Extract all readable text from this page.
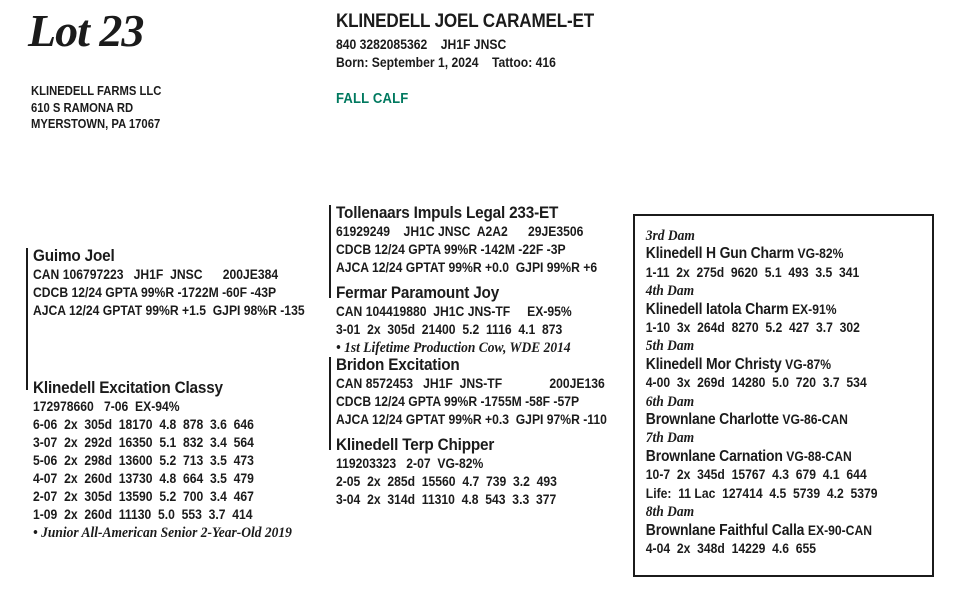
Lot 23
KLINEDELL FARMS LLC
610 S RAMONA RD
MYERSTOWN, PA 17067
KLINEDELL JOEL CARAMEL-ET
840 3282085362    JH1F JNSC
Born: September 1, 2024    Tattoo: 416
FALL CALF
Guimo Joel
CAN 106797223   JH1F  JNSC      200JE384
CDCB 12/24 GPTA 99%R -1722M -60F -43P
AJCA 12/24 GPTAT 99%R +1.5  GJPI 98%R -135
Klinedell Excitation Classy
172978660   7-06  EX-94%
6-06  2x  305d  18170  4.8  878  3.6  646
3-07  2x  292d  16350  5.1  832  3.4  564
5-06  2x  298d  13600  5.2  713  3.5  473
4-07  2x  260d  13730  4.8  664  3.5  479
2-07  2x  305d  13590  5.2  700  3.4  467
1-09  2x  260d  11130  5.0  553  3.7  414
• Junior All-American Senior 2-Year-Old 2019
Tollenaars Impuls Legal 233-ET
61929249    JH1C JNSC  A2A2      29JE3506
CDCB 12/24 GPTA 99%R -142M -22F -3P
AJCA 12/24 GPTAT 99%R +0.0  GJPI 99%R +6
Fermar Paramount Joy
CAN 104419880  JH1C JNS-TF     EX-95%
3-01  2x  305d  21400  5.2  1116  4.1  873
• 1st Lifetime Production Cow, WDE 2014
Bridon Excitation
CAN 8572453   JH1F  JNS-TF              200JE136
CDCB 12/24 GPTA 99%R -1755M -58F -57P
AJCA 12/24 GPTAT 99%R +0.3  GJPI 97%R -110
Klinedell Terp Chipper
119203323   2-07  VG-82%
2-05  2x  285d  15560  4.7  739  3.2  493
3-04  2x  314d  11310  4.8  543  3.3  377
3rd Dam
Klinedell H Gun Charm VG-82%
1-11  2x  275d  9620  5.1  493  3.5  341
4th Dam
Klinedell Iatola Charm EX-91%
1-10  3x  264d  8270  5.2  427  3.7  302
5th Dam
Klinedell Mor Christy VG-87%
4-00  3x  269d  14280  5.0  720  3.7  534
6th Dam
Brownlane Charlotte VG-86-CAN
7th Dam
Brownlane Carnation VG-88-CAN
10-7  2x  345d  15767  4.3  679  4.1  644
Life:  11 Lac  127414  4.5  5739  4.2  5379
8th Dam
Brownlane Faithful Calla EX-90-CAN
4-04  2x  348d  14229  4.6  655
